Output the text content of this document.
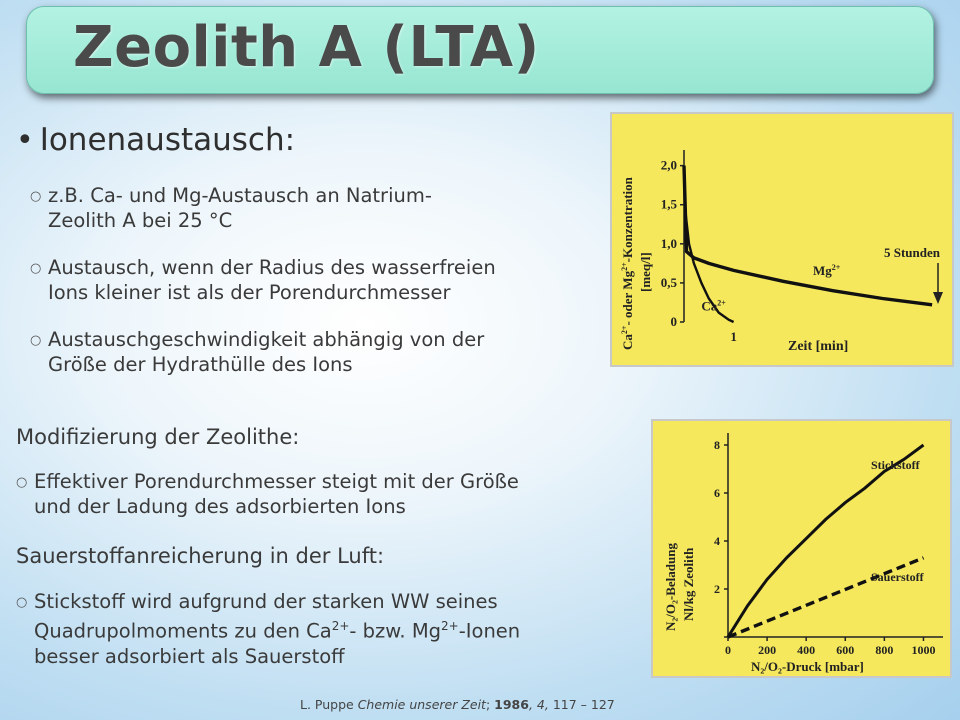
Zeolith A (LTA)
• Ionenaustausch:
○ z.B. Ca- und Mg-Austausch an Natrium-
Zeolith A bei 25 °C
○ Austausch, wenn der Radius des wasserfreien
Ions kleiner ist als der Porendurchmesser
○ Austauschgeschwindigkeit abhängig von der
Größe der Hydrathülle des Ions
Modifizierung der Zeolithe:
○ Effektiver Porendurchmesser steigt mit der Größe
und der Ladung des adsorbierten Ions
Sauerstoffanreicherung in der Luft:
○ Stickstoff wird aufgrund der starken WW seines
Quadrupolmoments zu den $Ca^{2+}-$ bzw. $Mg^{2+}$-Ionen
besser adsorbiert als Sauerstoff
$Ca^{2+}-$ oder $Mg^{2+}$-Konzentration
[meq/l]
Zeit [min]
0
0,5
1,0
1,5
2,0
1
$Ca^{2+}$
$Mg^{2+}$
5 Stunden
N₂/O₂-Beladung Nl/kg Zeolith
N₂/O₂-Druck [mbar]
2
4
6
8
0 200 400 600 800 1000
Stickstoff
Sauerstoff
L. Puppe Chemie unserer Zeit; 1986, 4, 117 – 127
